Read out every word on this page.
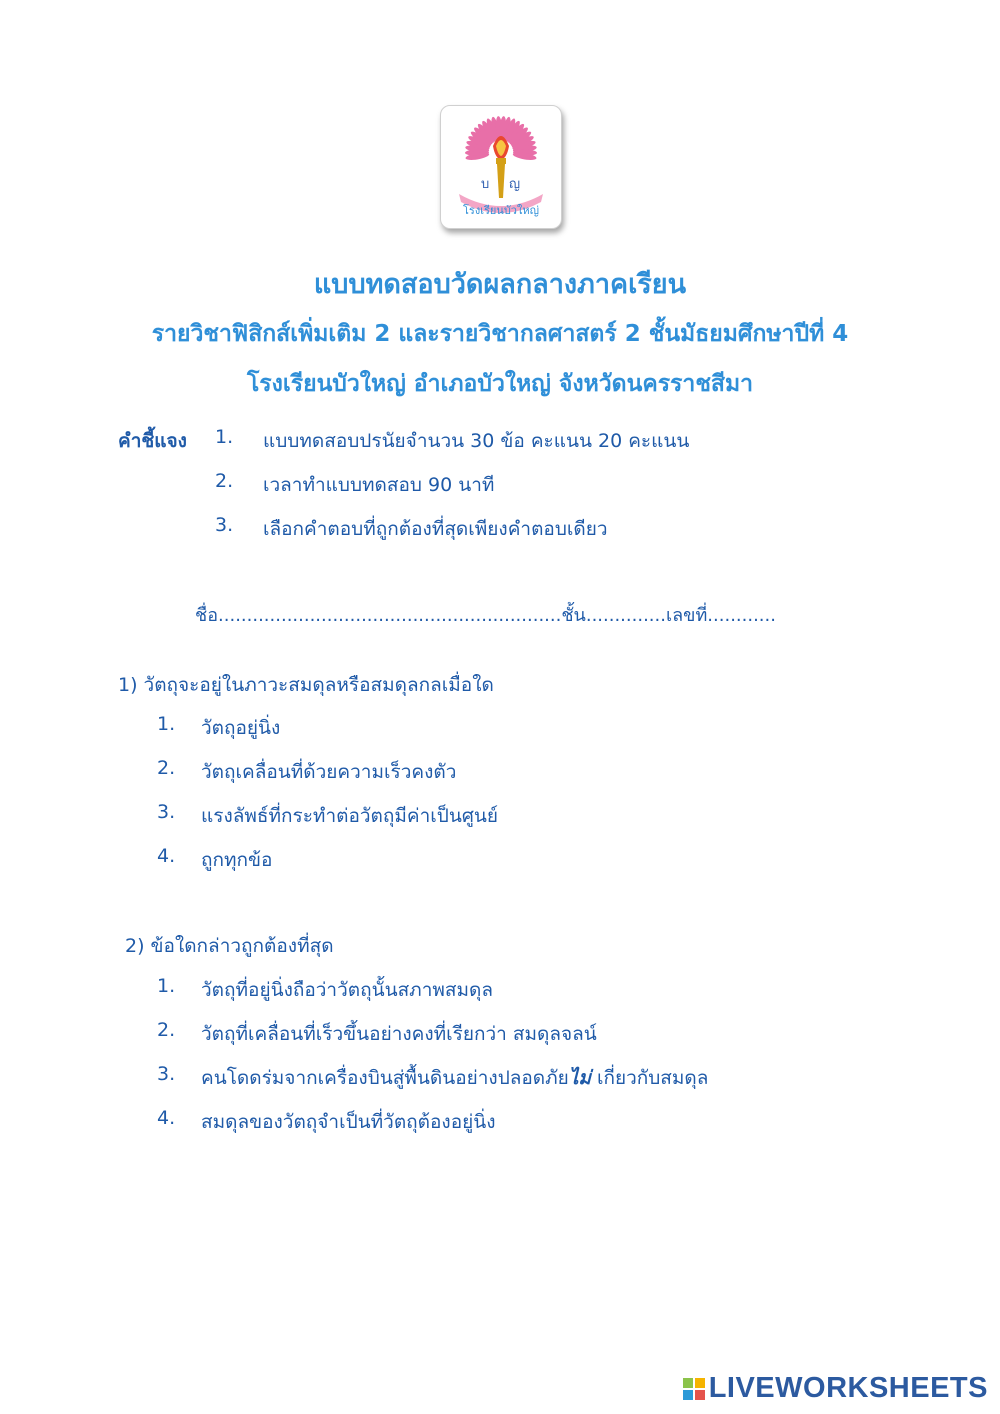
บ ญ
โรงเรียนบัวใหญ่
แบบทดสอบวัดผลกลางภาคเรียน
รายวิชาฟิสิกส์เพิ่มเติม 2 และรายวิชากลศาสตร์ 2 ชั้นมัธยมศึกษาปีที่ 4
โรงเรียนบัวใหญ่ อำเภอบัวใหญ่ จังหวัดนครราชสีมา
คำชี้แจง 1.	แบบทดสอบปรนัยจำนวน 30 ข้อ คะแนน 20 คะแนน
2.	เวลาทำแบบทดสอบ 90 นาที
3.	เลือกคำตอบที่ถูกต้องที่สุดเพียงคำตอบเดียว
ชื่อ............................................................ชั้น..............เลขที่............
1) วัตถุจะอยู่ในภาวะสมดุลหรือสมดุลกลเมื่อใด
1.	วัตถุอยู่นิ่ง
2.	วัตถุเคลื่อนที่ด้วยความเร็วคงตัว
3.	แรงลัพธ์ที่กระทำต่อวัตถุมีค่าเป็นศูนย์
4.	ถูกทุกข้อ
2) ข้อใดกล่าวถูกต้องที่สุด
1.	วัตถุที่อยู่นิ่งถือว่าวัตถุนั้นสภาพสมดุล
2.	วัตถุที่เคลื่อนที่เร็วขึ้นอย่างคงที่เรียกว่า สมดุลจลน์
3.	คนโดดร่มจากเครื่องบินสู่พื้นดินอย่างปลอดภัยไม่ เกี่ยวกับสมดุล
4.	สมดุลของวัตถุจำเป็นที่วัตถุต้องอยู่นิ่ง
LIVEWORKSHEETS
